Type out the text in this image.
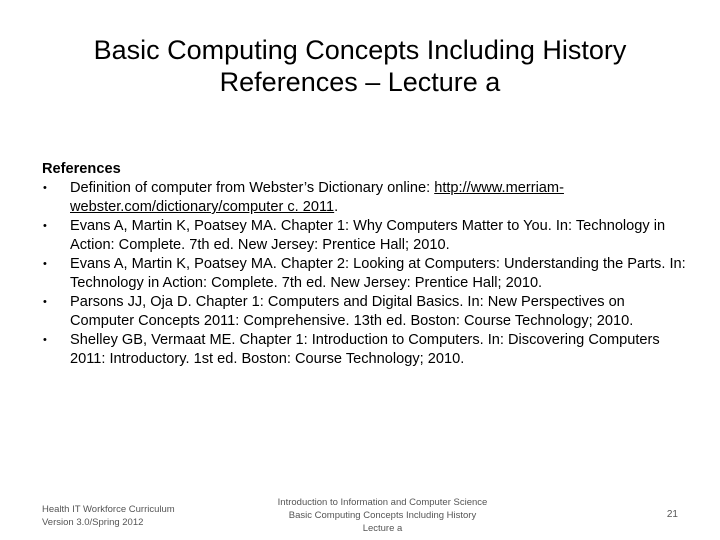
Basic Computing Concepts Including History
References – Lecture a

References

• Definition of computer from Webster’s Dictionary online: http://www.merriam-webster.com/dictionary/computer c. 2011.
• Evans A, Martin K, Poatsey MA. Chapter 1: Why Computers Matter to You. In: Technology in Action: Complete. 7th ed. New Jersey: Prentice Hall; 2010.
• Evans A, Martin K, Poatsey MA. Chapter 2: Looking at Computers: Understanding the Parts. In: Technology in Action: Complete. 7th ed. New Jersey: Prentice Hall; 2010.
• Parsons JJ, Oja D. Chapter 1: Computers and Digital Basics. In: New Perspectives on Computer Concepts 2011: Comprehensive. 13th ed. Boston: Course Technology; 2010.
• Shelley GB, Vermaat ME. Chapter 1: Introduction to Computers. In: Discovering Computers 2011: Introductory. 1st ed. Boston: Course Technology; 2010.
Health IT Workforce Curriculum
Version 3.0/Spring 2012
Introduction to Information and Computer Science
Basic Computing Concepts Including History
Lecture a
21
